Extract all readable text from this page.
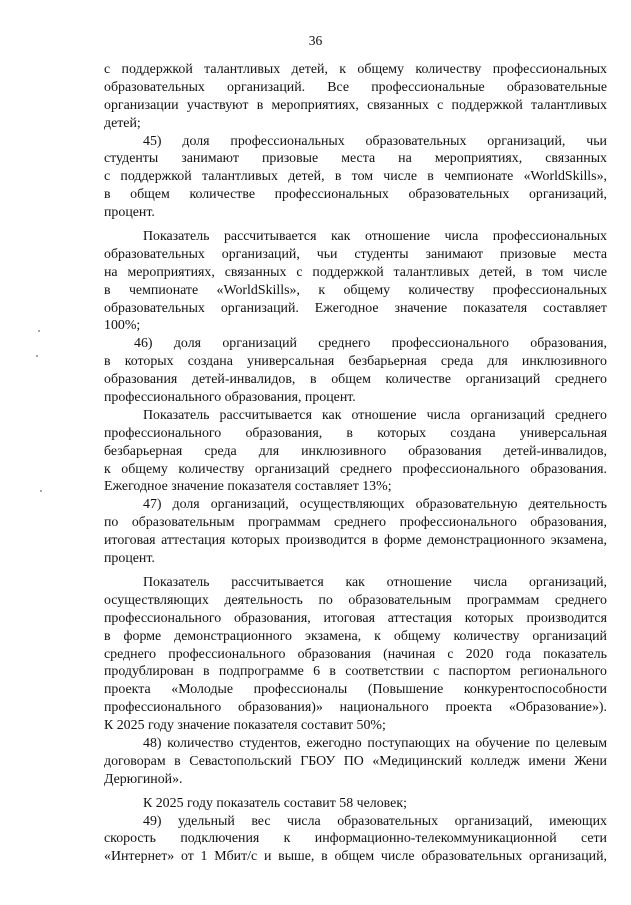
36
с поддержкой талантливых детей, к общему количеству профессиональных
образовательных организаций. Все профессиональные образовательные
организации участвуют в мероприятиях, связанных с поддержкой талантливых
детей;
45) доля профессиональных образовательных организаций, чьи
студенты занимают призовые места на мероприятиях, связанных
с поддержкой талантливых детей, в том числе в чемпионате «WorldSkills»,
в общем количестве профессиональных образовательных организаций,
процент.
Показатель рассчитывается как отношение числа профессиональных
образовательных организаций, чьи студенты занимают призовые места
на мероприятиях, связанных с поддержкой талантливых детей, в том числе
в чемпионате «WorldSkills», к общему количеству профессиональных
образовательных организаций. Ежегодное значение показателя составляет
100%;
46) доля организаций среднего профессионального образования,
в которых создана универсальная безбарьерная среда для инклюзивного
образования детей-инвалидов, в общем количестве организаций среднего
профессионального образования, процент.
Показатель рассчитывается как отношение числа организаций среднего
профессионального образования, в которых создана универсальная
безбарьерная среда для инклюзивного образования детей-инвалидов,
к общему количеству организаций среднего профессионального образования.
Ежегодное значение показателя составляет 13%;
47) доля организаций, осуществляющих образовательную деятельность
по образовательным программам среднего профессионального образования,
итоговая аттестация которых производится в форме демонстрационного экзамена,
процент.
Показатель рассчитывается как отношение числа организаций,
осуществляющих деятельность по образовательным программам среднего
профессионального образования, итоговая аттестация которых производится
в форме демонстрационного экзамена, к общему количеству организаций
среднего профессионального образования (начиная с 2020 года показатель
продублирован в подпрограмме 6 в соответствии с паспортом регионального
проекта «Молодые профессионалы (Повышение конкурентоспособности
профессионального образования)» национального проекта «Образование»).
К 2025 году значение показателя составит 50%;
48) количество студентов, ежегодно поступающих на обучение по целевым
договорам в Севастопольский ГБОУ ПО «Медицинский колледж имени Жени
Дерюгиной».
К 2025 году показатель составит 58 человек;
49) удельный вес числа образовательных организаций, имеющих
скорость подключения к информационно-телекоммуникационной сети
«Интернет» от 1 Мбит/с и выше, в общем числе образовательных организаций,
